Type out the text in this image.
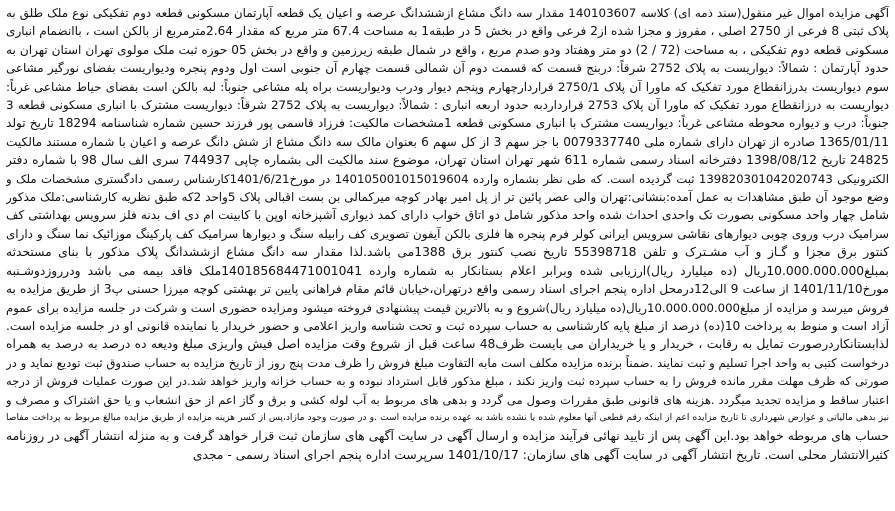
آگهی مزایده اموال غیر منقول(سند ذمه ای) کلاسه 140103607 مقدار سه دانگ مشاع ازششدانگ عرصه و اعیان یک قطعه آپارتمان مسکونی قطعه دوم تفکیکی نوع ملک طلق به
پلاک ثبتی 8 فرعی از 2750 اصلی ، مفروز و مجزا شده از2 فرعی واقع در بخش 5 در طبقه1 به مساحت 67.4 متر مربع که مقدار 2.64مترمربع از بالکن است ، باانضمام انباری
مسکونی قطعه دوم تفکیکی ، به مساحت (72 / 2) دو متر وهفتاد ودو صدم مربع ، واقع در شمال طبقه زیرزمین و واقع در بخش 05 حوزه ثبت ملک مولوی تهران استان تهران به
حدود آپارتمان : شمالاً: دیواریست به پلاک 2752 شرقاً: دربنج قسمت که قسمت دوم آن شمالی قسمت چهارم آن جنوبی است اول ودوم پنجره ودیواریست بفضای نورگیر مشاعی
سوم دیواریست بدرزانقطاع مورد تفکیک که ماورا آن پلاک 2750/1 قراردارچهارم وپنجم دیوار ودرب ودیواریست براه پله مشاعی جنوباً: لبه بالکن است بفضای حیاط مشاعی غرباً:
دیواریست به درزانقطاع مورد تفکیک که ماورا آن پلاک 2753 قرارداردبه حدود اربعه انباری : شمالاً: دیواریست به پلاک 2752 شرقاً: دیواریست مشترک با انباری مسکونی قطعه 3
جنوباً: درب و دیواره محوطه مشاعی غرباً: دیواریست مشترک با انباری مسکونی قطعه 1مشخصات مالکیت: فرزاد قاسمی پور فرزند حسین شماره شناسنامه 18294 تاریخ تولد
1365/01/11 صادره از تهران دارای شماره ملی 0079337740 با جز سهم 3 از کل سهم 6 بعنوان مالک سه دانگ مشاع از شش دانگ عرصه و اعیان با شماره مستند مالکیت
24825 تاریخ 1398/08/12 دفترخانه اسناد رسمی شماره 611 شهر تهران استان تهران، موضوع سند مالکیت الی بشماره چاپی 744937 سری الف سال 98 با شماره دفتر
الکترونیکی 139820301042020743 ثبت گردیده است. که طی نظر بشماره وارده 140105001015019604 در مورخ1401/6/21کارشناس رسمی دادگستری مشخصات ملک و
وضع موجود آن طبق مشاهدات به عمل آمده:بنشانی:تهران والی عصر پائین تر از پل امیر بهادر کوچه میرکمالی بن بست اقبالی پلاک 5واحد 2که طبق نظریه کارشناسی:ملک مذکور
شامل چهار واحد مسکونی بصورت تک واحدی احداث شده واحد مذکور شامل دو اتاق خواب دارای کمد دیواری آشپزخانه اوپن با کابینت ام دی اف بدنه فلز سرویس بهداشتی کف
سرامیک درب وروی چوبی دیوارهای نقاشی سرویس ایرانی کولر فرم پنجره ها فلزی بالکن آیفون تصویری کف رابیله سنگ و دیوارها سرامیک کف پارکینگ موزائیک نما سنگ و دارای
کنتور برق مجزا و گـاز و آب مشـترک و تلفن 55398718 تاریخ نصب کنتور برق 1388می باشد.لذا مقدار سه دانگ مشاع ازششدانگ پلاک مذکور با بنای مستحدثه
بمبلغ10.000.000.000ریال (ده میلیارد ریال)ارزیابی شده وبرابر اعلام بستانکار به شماره وارده 140185684471001041ملک فاقد بیمه می باشد ودرروزدوشـنبه
مورخ1401/11/10 از ساعت 9 الی12درمحل اداره پنجم اجرای اسناد رسمی واقع درتهران،خیابان قائم مقام فراهانی پایین تر بهشتی کوچه میرزا حسنی پ3 از طریق مزایده به
فروش میرسد و مزایده از مبلغ10.000.000.000ریال(ده میلیارد ریال)شروع و به بالاترین قیمت پیشنهادی فروخته میشود ومزایده حضوری است و شرکت در جلسه مزایده برای عموم
آزاد است و منوط به پرداخت 10(ده) درصد از مبلغ پایه کارشناسی به حساب سپرده ثبت و تحت شناسه واریز اعلامی و حضور خریدار یا نماینده قانونی او در جلسه مزایده است.
لذابستانکاردرصورت تمایل به رقابت ، خریدار و یا خریداران می بایست ظرف48 ساعت قبل از شروع وقت مزایده اصل فیش واریزی مبلغ ودیعه ده درصد به درصد به همراه
درخواست کتبی به واحد اجرا تسلیم و ثبت نمایند .ضمناً برنده مزایده مکلف است مابه التفاوت مبلغ فروش را ظرف مدت پنج روز از تاریخ مزایده به حساب صندوق ثبت تودیع نماید و در
صورتی که ظرف مهلت مقرر مانده فروش را به حساب سپرده ثبت واریز نکند ، مبلغ مذکور قابل استرداد نبوده و به حساب خزانه واریز خواهد شد.در این صورت عملیات فروش از درجه
اعتبار ساقط و مزایده تجدید میگردد .هزینه های قانونی طبق مقررات وصول می گردد و بدهی های مربوط به آب لوله کشی و برق و گاز اعم از حق انشعاب و یا حق اشتراک و مصرف و
نیز بدهی مالیاتی و عوارض شهرداری تا تاریخ مزایده اعم از اینکه رقم قطعی آنها معلوم شده یا نشده باشد به عهده برنده مزایده است .و در صورت وجود مازاد،پس از کسر هزینه مزایده از طریق مزایده مبالغ مربوط به پرداخت مفاصا
حساب های مربوطه خواهد بود.این آگهی پس از تایید نهائی فرآیند مزایده و ارسال آگهی در سایت آگهی های سازمان ثبت قرار خواهد گرفت و به منزله انتشار آگهی در روزنامه
کثیرالانتشار محلی است. تاریخ انتشار آگهی در سایت آگهی های سازمان: 1401/10/17 سرپرست اداره پنجم اجرای اسناد رسمی - مجدی
